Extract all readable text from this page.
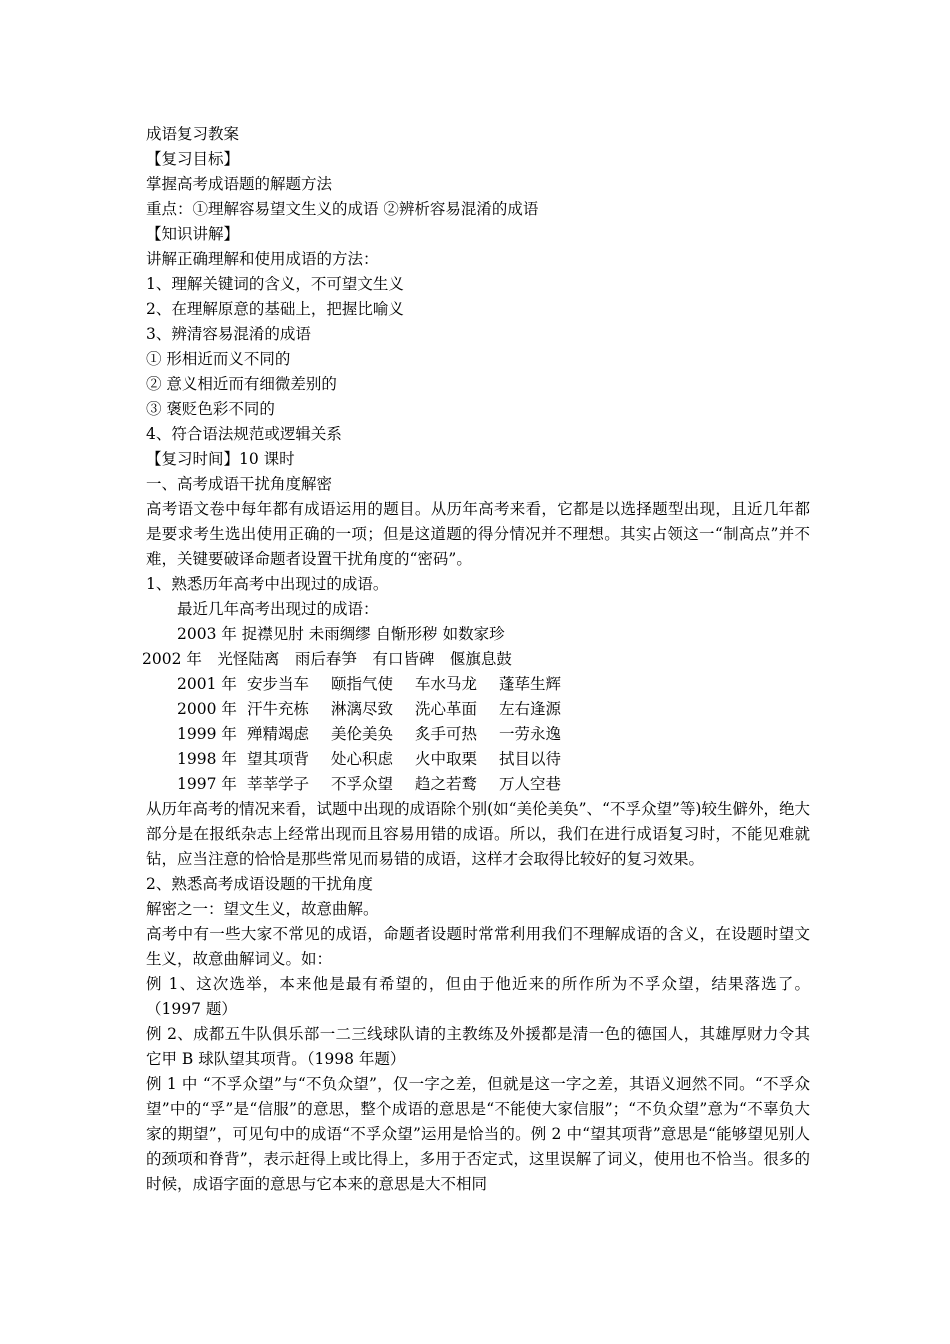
成语复习教案
【复习目标】
掌握高考成语题的解题方法
重点：①理解容易望文生义的成语 ②辨析容易混淆的成语
【知识讲解】
讲解正确理解和使用成语的方法：
1、理解关键词的含义，不可望文生义
2、在理解原意的基础上，把握比喻义
3、辨清容易混淆的成语
① 形相近而义不同的
② 意义相近而有细微差别的
③ 褒贬色彩不同的
4、符合语法规范或逻辑关系
【复习时间】10 课时
一、高考成语干扰角度解密
高考语文卷中每年都有成语运用的题目。从历年高考来看，它都是以选择题型出现，且近几年都是要求考生选出使用正确的一项；但是这道题的得分情况并不理想。其实占领这一“制高点”并不难，关键要破译命题者设置干扰角度的“密码”。
1、熟悉历年高考中出现过的成语。
最近几年高考出现过的成语：
2003 年 捉襟见肘 未雨绸缪 自惭形秽 如数家珍
2002 年　光怪陆离　雨后春笋　有口皆碑　偃旗息鼓
2001 年 安步当车 颐指气使 车水马龙 蓬荜生辉
2000 年 汗牛充栋 淋漓尽致 洗心革面 左右逢源
1999 年 殚精竭虑 美伦美奂 炙手可热 一劳永逸
1998 年 望其项背 处心积虑 火中取栗 拭目以待
1997 年 莘莘学子 不孚众望 趋之若鹜 万人空巷
从历年高考的情况来看，试题中出现的成语除个别(如“美伦美奂”、“不孚众望”等)较生僻外，绝大部分是在报纸杂志上经常出现而且容易用错的成语。所以，我们在进行成语复习时，不能见难就钻，应当注意的恰恰是那些常见而易错的成语，这样才会取得比较好的复习效果。
2、熟悉高考成语设题的干扰角度
解密之一：望文生义，故意曲解。
高考中有一些大家不常见的成语，命题者设题时常常利用我们不理解成语的含义，在设题时望文生义，故意曲解词义。如：
例 1、这次选举，本来他是最有希望的，但由于他近来的所作所为不孚众望，结果落选了。（1997 题）
例 2、成都五牛队俱乐部一二三线球队请的主教练及外援都是清一色的德国人，其雄厚财力令其它甲 B 球队望其项背。（1998 年题）
例 1 中 “不孚众望”与“不负众望”，仅一字之差，但就是这一字之差，其语义迥然不同。“不孚众望”中的“孚”是“信服”的意思，整个成语的意思是“不能使大家信服”；“不负众望”意为“不辜负大家的期望”，可见句中的成语“不孚众望”运用是恰当的。例 2 中“望其项背”意思是“能够望见别人的颈项和脊背”，表示赶得上或比得上，多用于否定式，这里误解了词义，使用也不恰当。很多的时候，成语字面的意思与它本来的意思是大不相同
